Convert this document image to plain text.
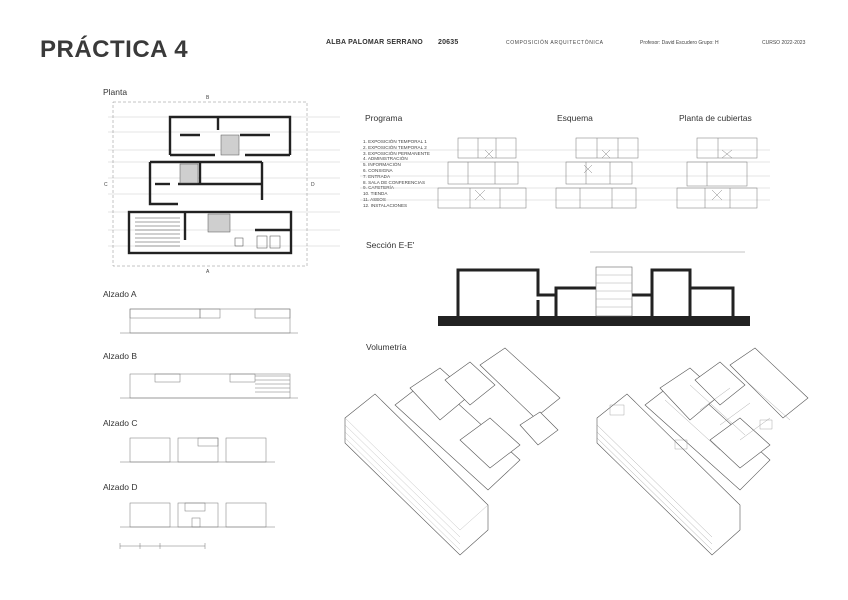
PRÁCTICA 4	ALBA PALOMAR SERRANO 20635	COMPOSICIÓN ARQUITECTÓNICA	Profesor: David Escudero Grupo: H	CURSO 2022-2023
Planta
Alzado A
Alzado B
Alzado C
Alzado D
Programa	Esquema	Planta de cubiertas
Sección E-E'
Volumetría
1. EXPOSICIÓN TEMPORAL 1
2. EXPOSICIÓN TEMPORAL 2
3. EXPOSICIÓN PERMANENTE
4. ADMINISTRACIÓN
5. INFORMACIÓN
6. CONSIGNA
7. ENTRADA
8. SALA DE CONFERENCIAS
9. CAFETERÍA
10. TIENDA
11. ASEOS
12. INSTALACIONES
B
A
C	D
